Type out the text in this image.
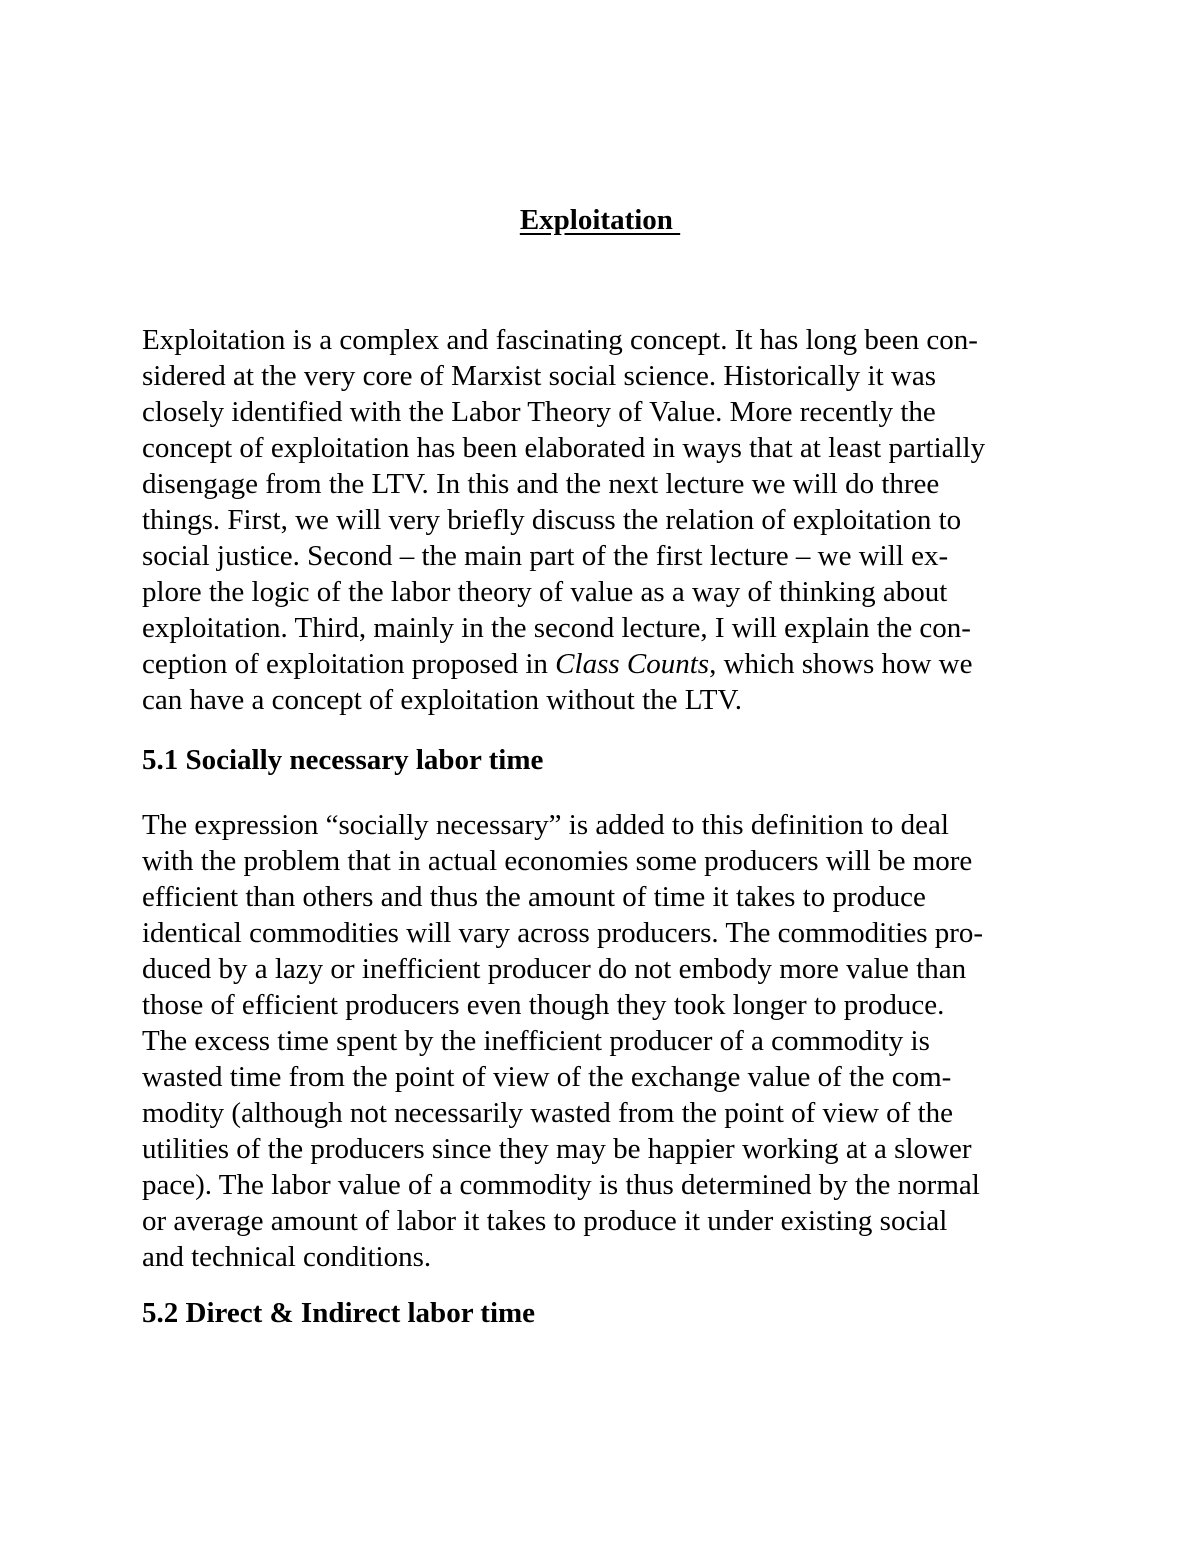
Exploitation
Exploitation is a complex and fascinating concept. It has long been con-
sidered at the very core of Marxist social science. Historically it was
closely identified with the Labor Theory of Value. More recently the
concept of exploitation has been elaborated in ways that at least partially
disengage from the LTV. In this and the next lecture we will do three
things. First, we will very briefly discuss the relation of exploitation to
social justice. Second – the main part of the first lecture – we will ex-
plore the logic of the labor theory of value as a way of thinking about
exploitation. Third, mainly in the second lecture, I will explain the con-
ception of exploitation proposed in Class Counts, which shows how we
can have a concept of exploitation without the LTV.
5.1 Socially necessary labor time
The expression “socially necessary” is added to this definition to deal
with the problem that in actual economies some producers will be more
efficient than others and thus the amount of time it takes to produce
identical commodities will vary across producers. The commodities pro-
duced by a lazy or inefficient producer do not embody more value than
those of efficient producers even though they took longer to produce.
The excess time spent by the inefficient producer of a commodity is
wasted time from the point of view of the exchange value of the com-
modity (although not necessarily wasted from the point of view of the
utilities of the producers since they may be happier working at a slower
pace). The labor value of a commodity is thus determined by the normal
or average amount of labor it takes to produce it under existing social
and technical conditions.
5.2 Direct & Indirect labor time
